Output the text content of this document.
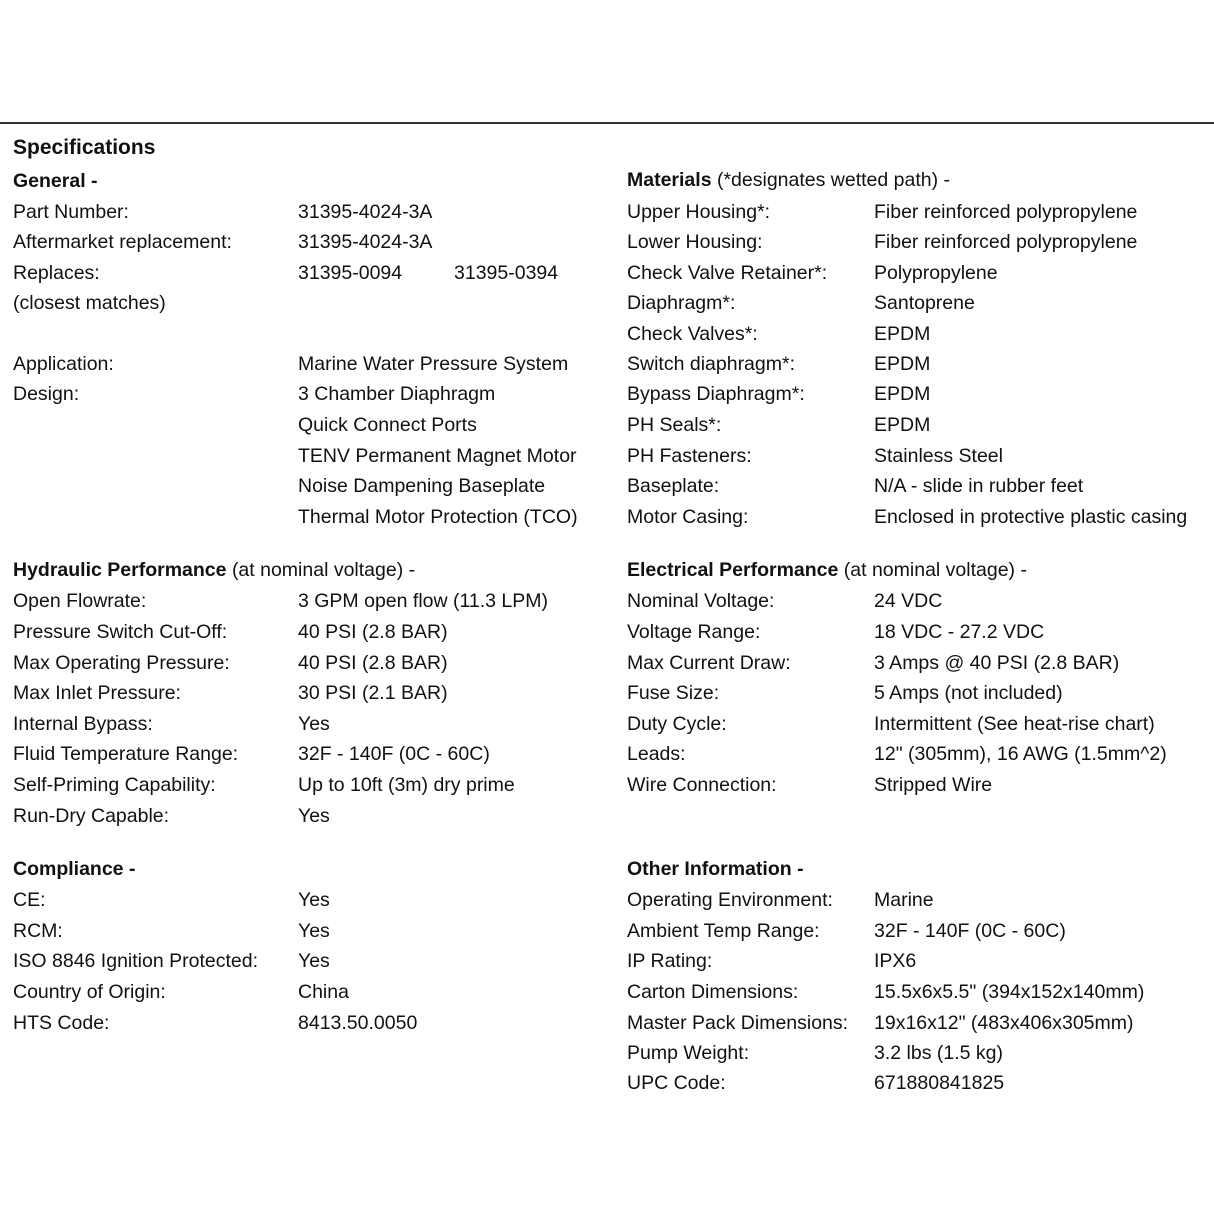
Specifications
General -
Part Number:	31395-4024-3A
Aftermarket replacement:	31395-4024-3A
Replaces:	31395-0094	31395-0394
(closest matches)
Application:	Marine Water Pressure System
Design:	3 Chamber Diaphragm
Quick Connect Ports
TENV Permanent Magnet Motor
Noise Dampening Baseplate
Thermal Motor Protection (TCO)
Materials (*designates wetted path) -
Upper Housing*:	Fiber reinforced polypropylene
Lower Housing:	Fiber reinforced polypropylene
Check Valve Retainer*: Polypropylene
Diaphragm*:	Santoprene
Check Valves*:	EPDM
Switch diaphragm*:	EPDM
Bypass Diaphragm*:	EPDM
PH Seals*:	EPDM
PH Fasteners:	Stainless Steel
Baseplate:	N/A - slide in rubber feet
Motor Casing:	Enclosed in protective plastic casing
Hydraulic Performance (at nominal voltage) -
Open Flowrate:	3 GPM open flow (11.3 LPM)
Pressure Switch Cut-Off:	40 PSI (2.8 BAR)
Max Operating Pressure:	40 PSI (2.8 BAR)
Max Inlet Pressure:	30 PSI (2.1 BAR)
Internal Bypass:	Yes
Fluid Temperature Range:	32F - 140F (0C - 60C)
Self-Priming Capability:	Up to 10ft (3m) dry prime
Run-Dry Capable:	Yes
Electrical Performance (at nominal voltage) -
Nominal Voltage:	24 VDC
Voltage Range:	18 VDC - 27.2 VDC
Max Current Draw:	3 Amps @ 40 PSI (2.8 BAR)
Fuse Size:	5 Amps (not included)
Duty Cycle:	Intermittent (See heat-rise chart)
Leads:	12" (305mm), 16 AWG (1.5mm^2)
Wire Connection:	Stripped Wire
Compliance -
CE:	Yes
RCM:	Yes
ISO 8846 Ignition Protected: Yes
Country of Origin:	China
HTS Code:	8413.50.0050
Other Information -
Operating Environment: Marine
Ambient Temp Range:	32F - 140F (0C - 60C)
IP Rating:	IPX6
Carton Dimensions:	15.5x6x5.5" (394x152x140mm)
Master Pack Dimensions: 19x16x12" (483x406x305mm)
Pump Weight:	3.2 lbs (1.5 kg)
UPC Code:	671880841825
